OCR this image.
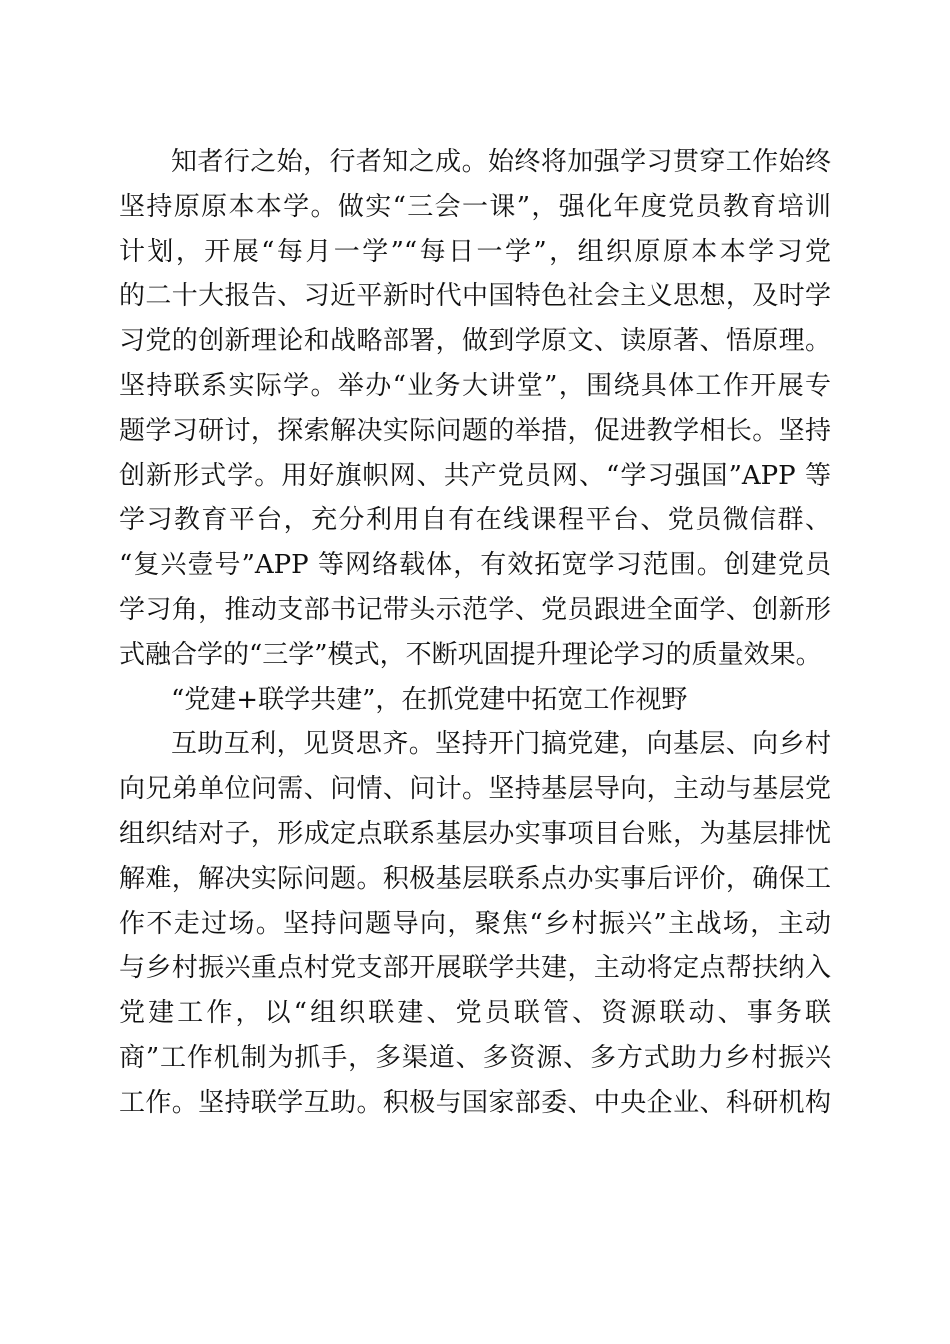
知者行之始，行者知之成。始终将加强学习贯穿工作始终
坚持原原本本学。做实“三会一课”，强化年度党员教育培训
计划，开展“每月一学”“每日一学”，组织原原本本学习党
的二十大报告、习近平新时代中国特色社会主义思想，及时学
习党的创新理论和战略部署，做到学原文、读原著、悟原理。
坚持联系实际学。举办“业务大讲堂”，围绕具体工作开展专
题学习研讨，探索解决实际问题的举措，促进教学相长。坚持
创新形式学。用好旗帜网、共产党员网、“学习强国”APP 等
学习教育平台，充分利用自有在线课程平台、党员微信群、
“复兴壹号”APP 等网络载体，有效拓宽学习范围。创建党员
学习角，推动支部书记带头示范学、党员跟进全面学、创新形
式融合学的“三学”模式，不断巩固提升理论学习的质量效果。
“党建+联学共建”，在抓党建中拓宽工作视野
互助互利，见贤思齐。坚持开门搞党建，向基层、向乡村
向兄弟单位问需、问情、问计。坚持基层导向，主动与基层党
组织结对子，形成定点联系基层办实事项目台账，为基层排忧
解难，解决实际问题。积极基层联系点办实事后评价，确保工
作不走过场。坚持问题导向，聚焦“乡村振兴”主战场，主动
与乡村振兴重点村党支部开展联学共建，主动将定点帮扶纳入
党建工作，以“组织联建、党员联管、资源联动、事务联
商”工作机制为抓手，多渠道、多资源、多方式助力乡村振兴
工作。坚持联学互助。积极与国家部委、中央企业、科研机构
